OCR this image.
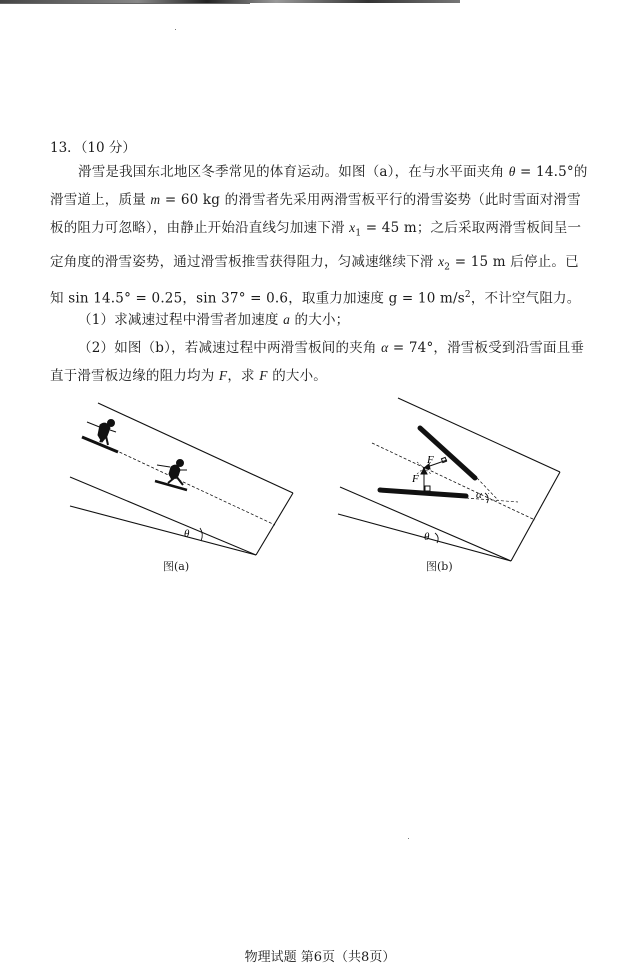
13．（10 分）
滑雪是我国东北地区冬季常见的体育运动。如图（a），在与水平面夹角 θ = 14.5°的滑雪道上，质量 m = 60 kg 的滑雪者先采用两滑雪板平行的滑雪姿势（此时雪面对滑雪板的阻力可忽略），由静止开始沿直线匀加速下滑 $x_1 = 45$ m；之后采取两滑雪板间呈一定角度的滑雪姿势，通过滑雪板推雪获得阻力，匀减速继续下滑 $x_2 = 15$ m 后停止。已知 sin 14.5° = 0.25，sin 37° = 0.6，取重力加速度 g = 10 $m/s^2$，不计空气阻力。
（1）求减速过程中滑雪者加速度 a 的大小；
（2）如图（b），若减速过程中两滑雪板间的夹角 α = 74°，滑雪板受到沿雪面且垂直于滑雪板边缘的阻力均为 F，求 F 的大小。
θ
图(a)
F
F
α
θ
图(b)
物理试题 第6页（共8页）
